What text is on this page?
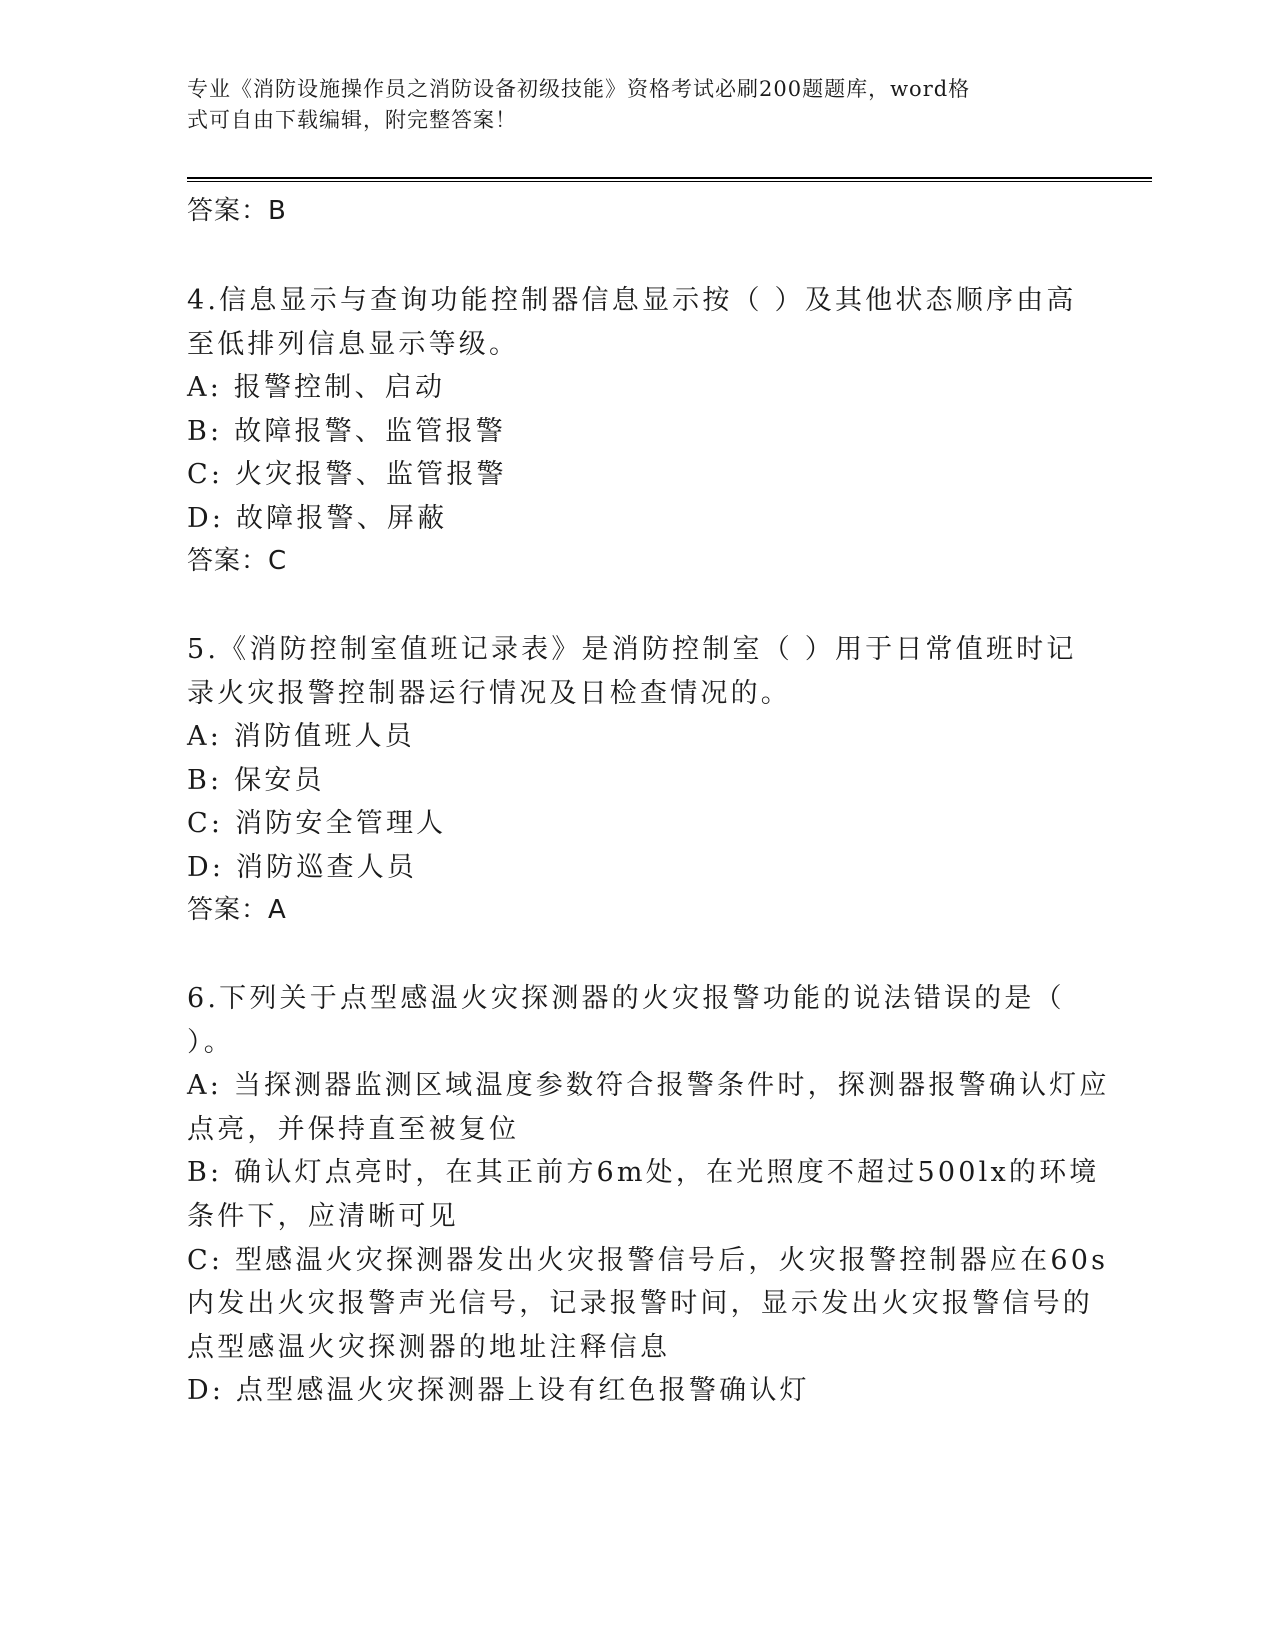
专业《消防设施操作员之消防设备初级技能》资格考试必刷200题题库，word格
式可自由下载编辑，附完整答案！
答案：B
4.信息显示与查询功能控制器信息显示按（ ）及其他状态顺序由高
至低排列信息显示等级。
A: 报警控制、启动
B: 故障报警、监管报警
C: 火灾报警、监管报警
D: 故障报警、屏蔽
答案：C
5.《消防控制室值班记录表》是消防控制室（ ）用于日常值班时记
录火灾报警控制器运行情况及日检查情况的。
A: 消防值班人员
B: 保安员
C: 消防安全管理人
D: 消防巡查人员
答案：A
6.下列关于点型感温火灾探测器的火灾报警功能的说法错误的是（
）。
A: 当探测器监测区域温度参数符合报警条件时，探测器报警确认灯应
点亮，并保持直至被复位
B: 确认灯点亮时，在其正前方6m处，在光照度不超过500lx的环境
条件下，应清晰可见
C: 型感温火灾探测器发出火灾报警信号后，火灾报警控制器应在60s
内发出火灾报警声光信号，记录报警时间，显示发出火灾报警信号的
点型感温火灾探测器的地址注释信息
D: 点型感温火灾探测器上设有红色报警确认灯
